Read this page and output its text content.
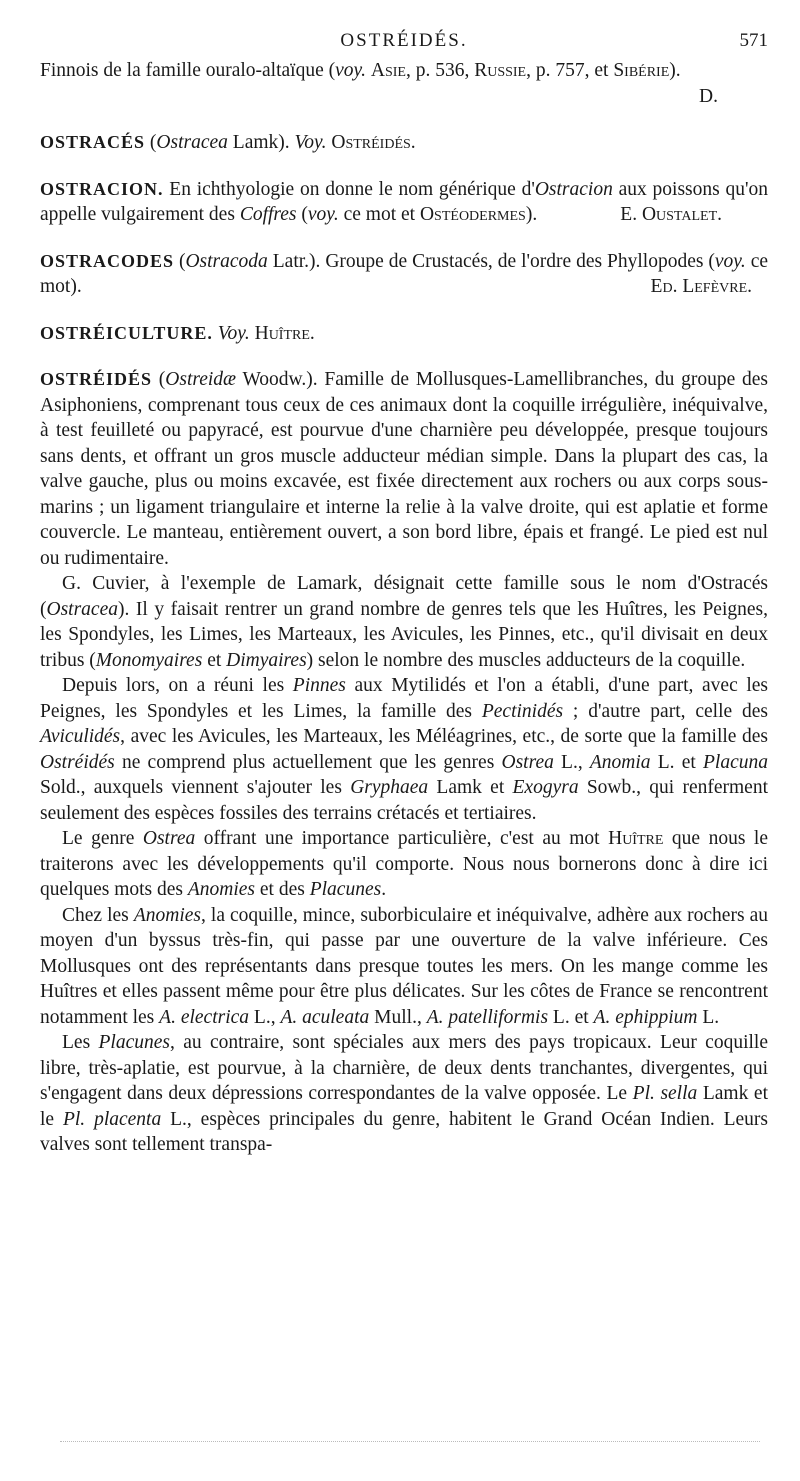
OSTRÉIDÉS.	571

Finnois de la famille ouralo-altaïque (voy. Asie, p. 536, Russie, p. 757, et Sibérie).

D.

OSTRACÉS (Ostracea Lamk). Voy. Ostréidés.

OSTRACION. En ichthyologie on donne le nom générique d'Ostracion aux poissons qu'on appelle vulgairement des Coffres (voy. ce mot et Ostéodermes).	E. Oustalet.

OSTRACODES (Ostracoda Latr.). Groupe de Crustacés, de l'ordre des Phyllopodes (voy. ce mot).	Ed. Lefèvre.

OSTRÉICULTURE. Voy. Huître.

OSTRÉIDÉS (Ostreidæ Woodw.). Famille de Mollusques-Lamellibranches, du groupe des Asiphoniens, comprenant tous ceux de ces animaux dont la coquille irrégulière, inéquivalve, à test feuilleté ou papyracé, est pourvue d'une charnière peu développée, presque toujours sans dents, et offrant un gros muscle adducteur médian simple. Dans la plupart des cas, la valve gauche, plus ou moins excavée, est fixée directement aux rochers ou aux corps sous-marins ; un ligament triangulaire et interne la relie à la valve droite, qui est aplatie et forme couvercle. Le manteau, entièrement ouvert, a son bord libre, épais et frangé. Le pied est nul ou rudimentaire.

G. Cuvier, à l'exemple de Lamark, désignait cette famille sous le nom d'Ostracés (Ostracea). Il y faisait rentrer un grand nombre de genres tels que les Huîtres, les Peignes, les Spondyles, les Limes, les Marteaux, les Avicules, les Pinnes, etc., qu'il divisait en deux tribus (Monomyaires et Dimyaires) selon le nombre des muscles adducteurs de la coquille.

Depuis lors, on a réuni les Pinnes aux Mytilidés et l'on a établi, d'une part, avec les Peignes, les Spondyles et les Limes, la famille des Pectinidés ; d'autre part, celle des Aviculidés, avec les Avicules, les Marteaux, les Méléagrines, etc., de sorte que la famille des Ostréidés ne comprend plus actuellement que les genres Ostrea L., Anomia L. et Placuna Sold., auxquels viennent s'ajouter les Gryphaea Lamk et Exogyra Sowb., qui renferment seulement des espèces fossiles des terrains crétacés et tertiaires.

Le genre Ostrea offrant une importance particulière, c'est au mot Huître que nous le traiterons avec les développements qu'il comporte. Nous nous bornerons donc à dire ici quelques mots des Anomies et des Placunes.

Chez les Anomies, la coquille, mince, suborbiculaire et inéquivalve, adhère aux rochers au moyen d'un byssus très-fin, qui passe par une ouverture de la valve inférieure. Ces Mollusques ont des représentants dans presque toutes les mers. On les mange comme les Huîtres et elles passent même pour être plus délicates. Sur les côtes de France se rencontrent notamment les A. electrica L., A. aculeata Mull., A. patelliformis L. et A. ephippium L.

Les Placunes, au contraire, sont spéciales aux mers des pays tropicaux. Leur coquille libre, très-aplatie, est pourvue, à la charnière, de deux dents tranchantes, divergentes, qui s'engagent dans deux dépressions correspondantes de la valve opposée. Le Pl. sella Lamk et le Pl. placenta L., espèces principales du genre, habitent le Grand Océan Indien. Leurs valves sont tellement transpa-
